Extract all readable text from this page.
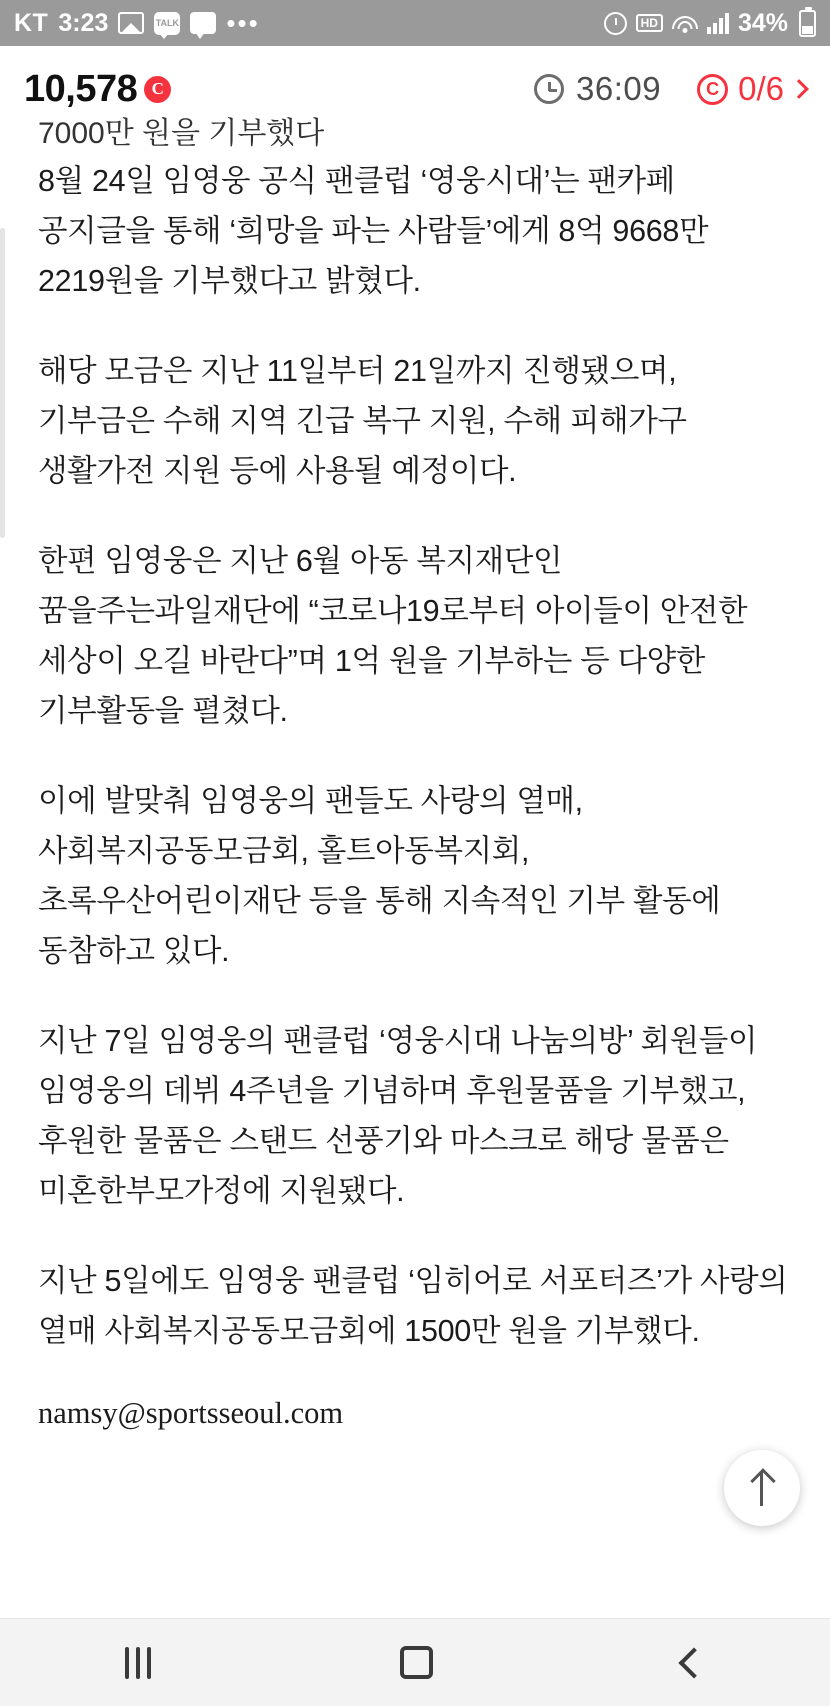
KT 3:23	TALK •••	HD	34%
10,578 C	36:09	C 0/6
7000만 원을 기부했다

8월 24일 임영웅 공식 팬클럽 ‘영웅시대’는 팬카페 공지글을 통해 ‘희망을 파는 사람들’에게 8억 9668만 2219원을 기부했다고 밝혔다.

해당 모금은 지난 11일부터 21일까지 진행됐으며, 기부금은 수해 지역 긴급 복구 지원, 수해 피해가구 생활가전 지원 등에 사용될 예정이다.

한편 임영웅은 지난 6월 아동 복지재단인 꿈을주는과일재단에 “코로나19로부터 아이들이 안전한 세상이 오길 바란다”며 1억 원을 기부하는 등 다양한 기부활동을 펼쳤다.

이에 발맞춰 임영웅의 팬들도 사랑의 열매, 사회복지공동모금회, 홀트아동복지회, 초록우산어린이재단 등을 통해 지속적인 기부 활동에 동참하고 있다.

지난 7일 임영웅의 팬클럽 ‘영웅시대 나눔의방’ 회원들이 임영웅의 데뷔 4주년을 기념하며 후원물품을 기부했고, 후원한 물품은 스탠드 선풍기와 마스크로 해당 물품은 미혼한부모가정에 지원됐다.

지난 5일에도 임영웅 팬클럽 ‘임히어로 서포터즈’가 사랑의 열매 사회복지공동모금회에 1500만 원을 기부했다.

namsy@sportsseoul.com
